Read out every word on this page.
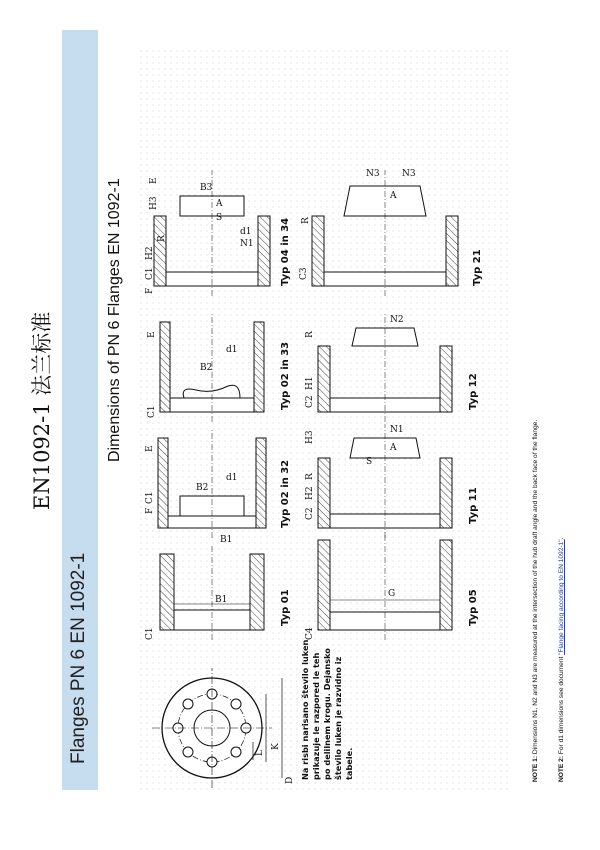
Flanges PN 6 EN 1092-1
EN1092-1 法兰标准	Dimensions of PN 6 Flanges EN 1092-1
D
K
L	Na risbi narisano število luken prikazuje le razpored le teh po delilnem krogu. Dejansko število luken je razvidno iz tabele.
B1
C1
Typ 01
B2
d1
E
F
C1
B1
Typ 02 in 32
B2
E
C1
d1	Typ 02 in 33
B3
A
S
R
E
H3
H2
C1
F
d1
N1	Typ 04 in 34
G
C4
Typ 05
N1
A
S
R
H3
H2
C2	Typ 11
N2
R
H1
C2	Typ 12
N3 N3
A
R
C3	Typ 21
NOTE 1: Dimensions N1, N2 and N3 are measured at the intersection of the hub draft angle and the back face of the flange.
NOTE 2: For d1 dimensions see document "Flange facing according to EN 1092-1".
